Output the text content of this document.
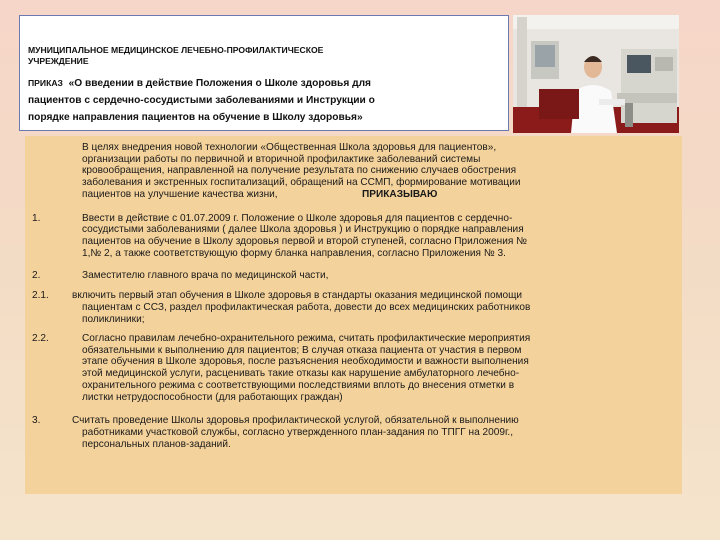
МУНИЦИПАЛЬНОЕ МЕДИЦИНСКОЕ ЛЕЧЕБНО-ПРОФИЛАКТИЧЕСКОЕ
УЧРЕЖДЕНИЕ
ПРИКАЗ «О введении в действие Положения о Школе здоровья для
пациентов с сердечно-сосудистыми заболеваниями и Инструкции о
порядке направления пациентов на обучение в Школу здоровья»
В целях внедрения новой технологии «Общественная Школа здоровья для пациентов»,
организации работы по первичной и вторичной профилактике заболеваний системы
кровообращения, направленной на получение результата по снижению случаев обострения
заболевания и экстренных госпитализаций, обращений на ССМП, формирование мотивации
пациентов на улучшение качества жизни,	ПРИКАЗЫВАЮ
1.	Ввести в действие с 01.07.2009 г. Положение о Школе здоровья для пациентов с сердечно-
сосудистыми заболеваниями ( далее Школа здоровья ) и Инструкцию о порядке направления
пациентов на обучение в Школу здоровья первой и второй ступеней, согласно Приложения №
1,№ 2, а также соответствующую форму бланка направления, согласно Приложения № 3.
2.	Заместителю главного врача по медицинской части,
2.1. включить первый этап обучения в Школе здоровья в стандарты оказания медицинской помощи
пациентам с ССЗ, раздел профилактическая работа, довести до всех медицинских работников
поликлиники;
2.2.	Согласно правилам лечебно-охранительного режима, считать профилактические мероприятия
обязательными к выполнению для пациентов; В случая отказа пациента от участия в первом
этапе обучения в Школе здоровья, после разъяснения необходимости и важности выполнения
этой медицинской услуги, расценивать такие отказы как нарушение амбулаторного лечебно-
охранительного режима с соответствующими последствиями вплоть до внесения отметки в
листки нетрудоспособности (для работающих граждан)
3.	Считать проведение Школы здоровья профилактической услугой, обязательной к выполнению
работниками участковой службы, согласно утвержденного план-задания по ТПГГ на 2009г.,
персональных планов-заданий.
